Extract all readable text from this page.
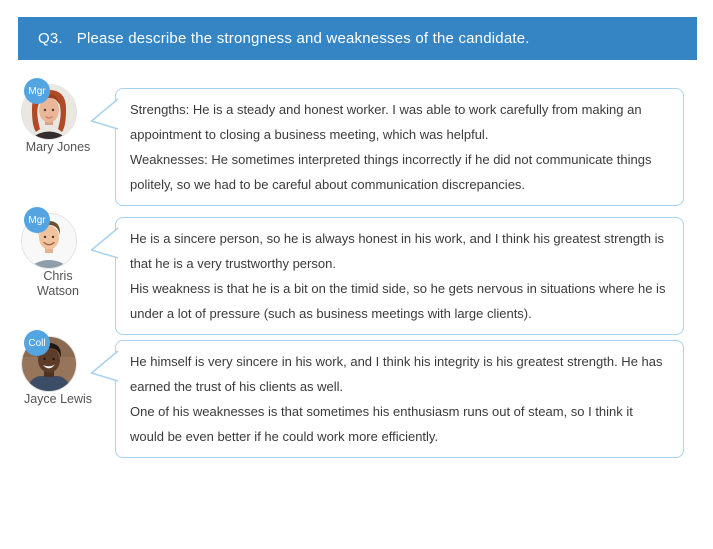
Q3. Please describe the strongness and weaknesses of the candidate.
Mgr
Mary Jones

Strengths: He is a steady and honest worker. I was able to work carefully from making an appointment to closing a business meeting, which was helpful.

Weaknesses: He sometimes interpreted things incorrectly if he did not communicate things politely, so we had to be careful about communication discrepancies.

Mgr
Chris
Watson

He is a sincere person, so he is always honest in his work, and I think his greatest strength is that he is a very trustworthy person.

His weakness is that he is a bit on the timid side, so he gets nervous in situations where he is under a lot of pressure (such as business meetings with large clients).

Coll
Jayce Lewis

He himself is very sincere in his work, and I think his integrity is his greatest strength. He has earned the trust of his clients as well.

One of his weaknesses is that sometimes his enthusiasm runs out of steam, so I think it would be even better if he could work more efficiently.
